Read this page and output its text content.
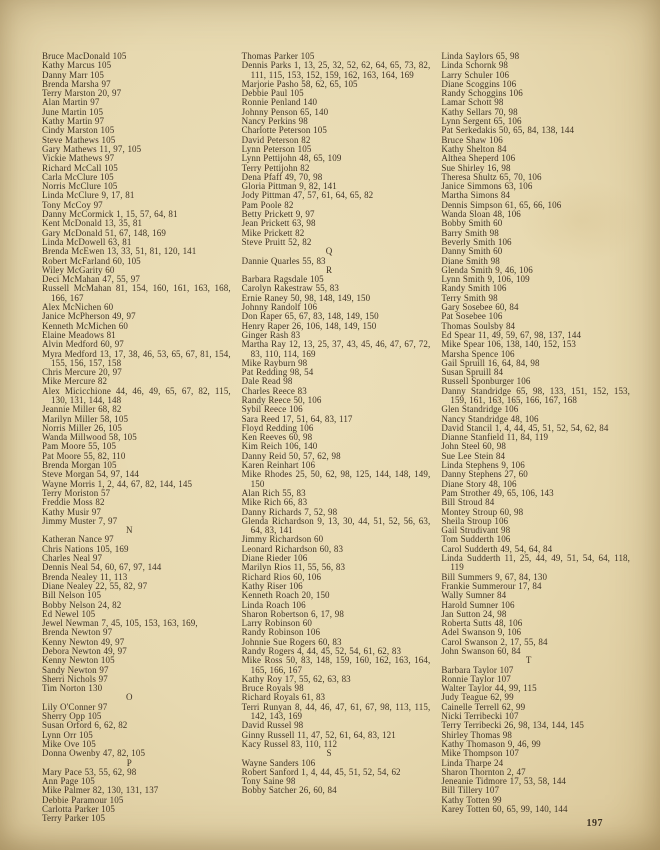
Bruce MacDonald 105
Kathy Marcus 105
Danny Marr 105
Brenda Marsha 97
Terry Marston 20, 97
Alan Martin 97
June Martin 105
Kathy Martin 97
Cindy Marston 105
Steve Mathews 105
Gary Mathews 11, 97, 105
Vickie Mathews 97
Richard McCall 105
Carla McClure 105
Norris McClure 105
Linda McClure 9, 17, 81
Tony McCoy 97
Danny McCormick 1, 15, 57, 64, 81
Kent McDonald 13, 35, 81
Gary McDonald 51, 67, 148, 169
Linda McDowell 63, 81
Brenda McEwen 13, 33, 51, 81, 120, 141
Robert McFarland 60, 105
Wiley McGarity 60
Deci McMahan 47, 55, 97
Russell McMahan 81, 154, 160, 161, 163, 168, 166, 167
Alex McNichen 60
Janice McPherson 49, 97
Kenneth McMichen 60
Elaine Meadows 81
Alvin Medford 60, 97
Myra Medford 13, 17, 38, 46, 53, 65, 67, 81, 154, 155, 156, 157, 158
Chris Mercure 20, 97
Mike Mercure 82
Alex Micicchione 44, 46, 49, 65, 67, 82, 115, 130, 131, 144, 148
Jeannie Miller 68, 82
Marilyn Miller 58, 105
Norris Miller 26, 105
Wanda Millwood 58, 105
Pam Moore 55, 105
Pat Moore 55, 82, 110
Brenda Morgan 105
Steve Morgan 54, 97, 144
Wayne Morris 1, 2, 44, 67, 82, 144, 145
Terry Moriston 57
Freddie Moss 82
Kathy Musir 97
Jimmy Muster 7, 97
N
Katheran Nance 97
Chris Nations 105, 169
Charles Neal 97
Dennis Neal 54, 60, 67, 97, 144
Brenda Nealey 11, 113
Diane Nealey 22, 55, 82, 97
Bill Nelson 105
Bobby Nelson 24, 82
Ed Newel 105
Jewel Newman 7, 45, 105, 153, 163, 169,
Brenda Newton 97
Kenny Newton 49, 97
Debora Newton 49, 97
Kenny Newton 105
Sandy Newton 97
Sherri Nichols 97
Tim Norton 130
O
Lily O'Conner 97
Sherry Opp 105
Susan Orford 6, 62, 82
Lynn Orr 105
Mike Ove 105
Donna Owenby 47, 82, 105
P
Mary Pace 53, 55, 62, 98
Ann Page 105
Mike Palmer 82, 130, 131, 137
Debbie Paramour 105
Carlotta Parker 105
Terry Parker 105
Thomas Parker 105
Dennis Parks 1, 13, 25, 32, 52, 62, 64, 65, 73, 82, 111, 115, 153, 152, 159, 162, 163, 164, 169
Marjorie Pasho 58, 62, 65, 105
Debbie Paul 105
Ronnie Penland 140
Johnny Penson 65, 140
Nancy Perkins 98
Charlotte Peterson 105
David Peterson 82
Lynn Peterson 105
Lynn Pettijohn 48, 65, 109
Terry Pettijohn 82
Dena Pfaff 49, 70, 98
Gloria Pittman 9, 82, 141
Jody Pittman 47, 57, 61, 64, 65, 82
Pam Poole 82
Betty Prickett 9, 97
Jean Prickett 63, 98
Mike Prickett 82
Steve Pruitt 52, 82
Q
Dannie Quarles 55, 83
R
Barbara Ragsdale 105
Carolyn Rakestraw 55, 83
Ernie Raney 50, 98, 148, 149, 150
Johnny Randolf 106
Don Raper 65, 67, 83, 148, 149, 150
Henry Raper 26, 106, 148, 149, 150
Ginger Rash 83
Martha Ray 12, 13, 25, 37, 43, 45, 46, 47, 67, 72, 83, 110, 114, 169
Mike Rayburn 98
Pat Redding 98, 54
Dale Read 98
Charles Reece 83
Randy Reece 50, 106
Sybil Reece 106
Sara Reed 17, 51, 64, 83, 117
Floyd Redding 106
Ken Reeves 60, 98
Kim Reich 106, 140
Danny Reid 50, 57, 62, 98
Karen Reinhart 106
Mike Rhodes 25, 50, 62, 98, 125, 144, 148, 149, 150
Alan Rich 55, 83
Mike Rich 66, 83
Danny Richards 7, 52, 98
Glenda Richardson 9, 13, 30, 44, 51, 52, 56, 63, 64, 83, 141
Jimmy Richardson 60
Leonard Richardson 60, 83
Diane Rieder 106
Marilyn Rios 11, 55, 56, 83
Richard Rios 60, 106
Kathy Riser 106
Kenneth Roach 20, 150
Linda Roach 106
Sharon Robertson 6, 17, 98
Larry Robinson 60
Randy Robinson 106
Johnnie Sue Rogers 60, 83
Randy Rogers 4, 44, 45, 52, 54, 61, 62, 83
Mike Ross 50, 83, 148, 159, 160, 162, 163, 164, 165, 166, 167
Kathy Roy 17, 55, 62, 63, 83
Bruce Royals 98
Richard Royals 61, 83
Terri Runyan 8, 44, 46, 47, 61, 67, 98, 113, 115, 142, 143, 169
David Russel 98
Ginny Russell 11, 47, 52, 61, 64, 83, 121
Kacy Russel 83, 110, 112
S
Wayne Sanders 106
Robert Sanford 1, 4, 44, 45, 51, 52, 54, 62
Tony Saine 98
Bobby Satcher 26, 60, 84
Linda Saylors 65, 98
Linda Schornk 98
Larry Schuler 106
Diane Scoggins 106
Randy Schoggins 106
Lamar Schott 98
Kathy Sellars 70, 98
Lynn Sergent 65, 106
Pat Serkedakis 50, 65, 84, 138, 144
Bruce Shaw 106
Kathy Shelton 84
Althea Sheperd 106
Sue Shirley 16, 98
Theresa Shultz 65, 70, 106
Janice Simmons 63, 106
Martha Simons 84
Dennis Simpson 61, 65, 66, 106
Wanda Sloan 48, 106
Bobby Smith 60
Barry Smith 98
Beverly Smith 106
Danny Smith 60
Diane Smith 98
Glenda Smith 9, 46, 106
Lynn Smith 9, 106, 109
Randy Smith 106
Terry Smith 98
Gary Sosebee 60, 84
Pat Sosebee 106
Thomas Soulsby 84
Ed Spear 11, 49, 59, 67, 98, 137, 144
Mike Spear 106, 138, 140, 152, 153
Marsha Spence 106
Gail Spruill 16, 64, 84, 98
Susan Spruill 84
Russell Sponburger 106
Danny Standridge 65, 98, 133, 151, 152, 153, 159, 161, 163, 165, 166, 167, 168
Glen Standridge 106
Nancy Standridge 48, 106
David Stancil 1, 4, 44, 45, 51, 52, 54, 62, 84
Dianne Stanfield 11, 84, 119
John Steel 60, 98
Sue Lee Stein 84
Linda Stephens 9, 106
Danny Stephens 27, 60
Diane Story 48, 106
Pam Strother 49, 65, 106, 143
Bill Stroud 84
Montey Stroup 60, 98
Sheila Stroup 106
Gail Strudivant 98
Tom Sudderth 106
Carol Sudderth 49, 54, 64, 84
Linda Sudderth 11, 25, 44, 49, 51, 54, 64, 118, 119
Bill Summers 9, 67, 84, 130
Frankie Summerour 17, 84
Wally Sumner 84
Harold Sumner 106
Jan Sutton 24, 98
Roberta Sutts 48, 106
Adel Swanson 9, 106
Carol Swanson 2, 17, 55, 84
John Swanson 60, 84
T
Barbara Taylor 107
Ronnie Taylor 107
Walter Taylor 44, 99, 115
Judy Teague 62, 99
Cainelle Terrell 62, 99
Nicki Terribecki 107
Terry Terribecki 26, 98, 134, 144, 145
Shirley Thomas 98
Kathy Thomason 9, 46, 99
Mike Thompson 107
Linda Tharpe 24
Sharon Thornton 2, 47
Jeneanie Tidmore 17, 53, 58, 144
Bill Tillery 107
Kathy Totten 99
Karey Totten 60, 65, 99, 140, 144
197
